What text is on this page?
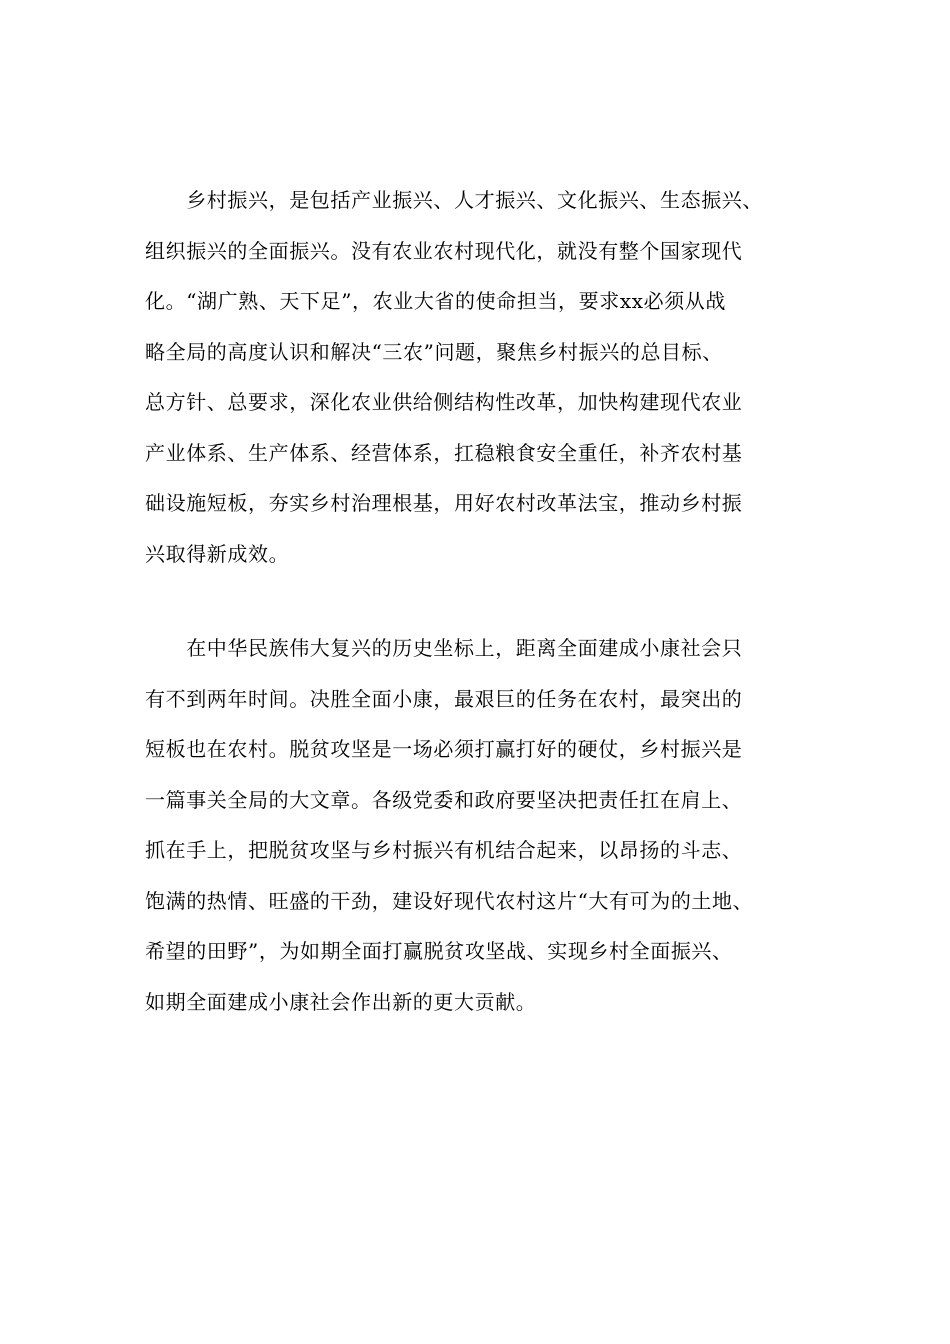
　　乡村振兴，是包括产业振兴、人才振兴、文化振兴、生态振兴、
组织振兴的全面振兴。没有农业农村现代化，就没有整个国家现代
化。“湖广熟、天下足”，农业大省的使命担当，要求xx必须从战
略全局的高度认识和解决“三农”问题，聚焦乡村振兴的总目标、
总方针、总要求，深化农业供给侧结构性改革，加快构建现代农业
产业体系、生产体系、经营体系，扛稳粮食安全重任，补齐农村基
础设施短板，夯实乡村治理根基，用好农村改革法宝，推动乡村振
兴取得新成效。
　　在中华民族伟大复兴的历史坐标上，距离全面建成小康社会只
有不到两年时间。决胜全面小康，最艰巨的任务在农村，最突出的
短板也在农村。脱贫攻坚是一场必须打赢打好的硬仗，乡村振兴是
一篇事关全局的大文章。各级党委和政府要坚决把责任扛在肩上、
抓在手上，把脱贫攻坚与乡村振兴有机结合起来，以昂扬的斗志、
饱满的热情、旺盛的干劲，建设好现代农村这片“大有可为的土地、
希望的田野”，为如期全面打赢脱贫攻坚战、实现乡村全面振兴、
如期全面建成小康社会作出新的更大贡献。
